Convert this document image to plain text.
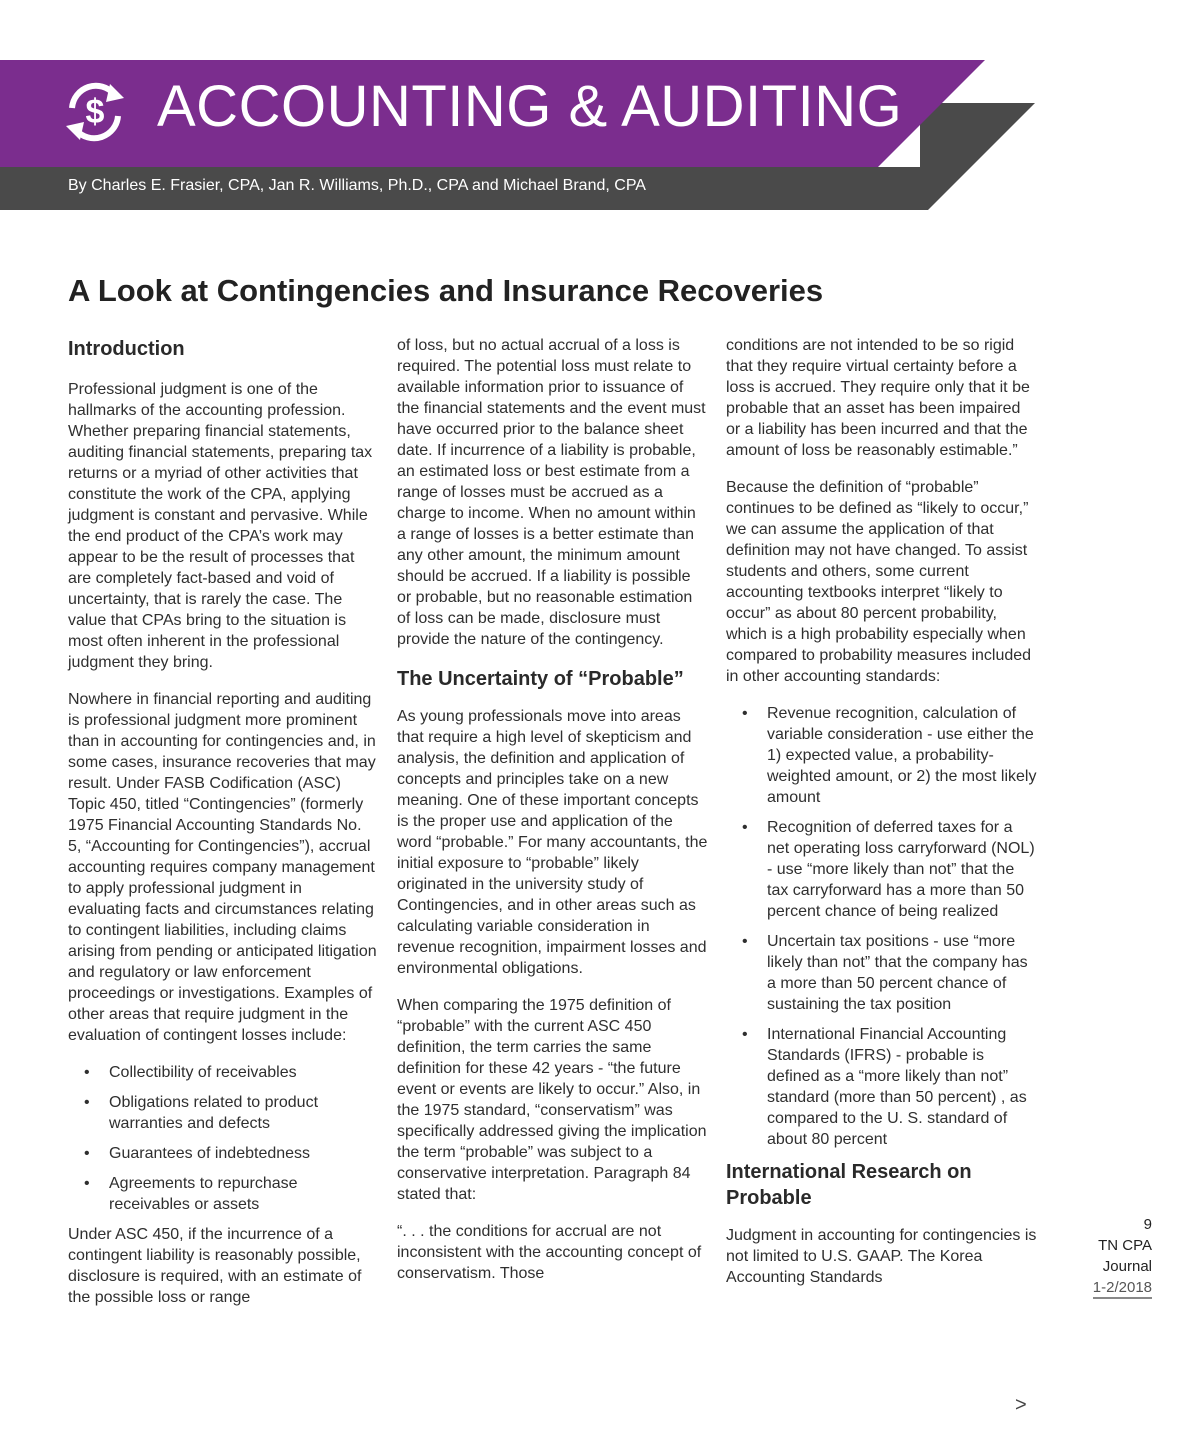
$ ACCOUNTING & AUDITING
By Charles E. Frasier, CPA, Jan R. Williams, Ph.D., CPA and Michael Brand, CPA
A Look at Contingencies and Insurance Recoveries
Introduction

Professional judgment is one of the hallmarks of the accounting profession. Whether preparing financial statements, auditing financial statements, preparing tax returns or a myriad of other activities that constitute the work of the CPA, applying judgment is constant and pervasive. While the end product of the CPA’s work may appear to be the result of processes that are completely fact-based and void of uncertainty, that is rarely the case. The value that CPAs bring to the situation is most often inherent in the professional judgment they bring.

Nowhere in financial reporting and auditing is professional judgment more prominent than in accounting for contingencies and, in some cases, insurance recoveries that may result. Under FASB Codification (ASC) Topic 450, titled “Contingencies” (formerly 1975 Financial Accounting Standards No. 5, “Accounting for Contingencies”), accrual accounting requires company management to apply professional judgment in evaluating facts and circumstances relating to contingent liabilities, including claims arising from pending or anticipated litigation and regulatory or law enforcement proceedings or investigations. Examples of other areas that require judgment in the evaluation of contingent losses include:

• Collectibility of receivables
• Obligations related to product warranties and defects
• Guarantees of indebtedness
• Agreements to repurchase receivables or assets

Under ASC 450, if the incurrence of a contingent liability is reasonably possible, disclosure is required, with an estimate of the possible loss or range

of loss, but no actual accrual of a loss is required. The potential loss must relate to available information prior to issuance of the financial statements and the event must have occurred prior to the balance sheet date. If incurrence of a liability is probable, an estimated loss or best estimate from a range of losses must be accrued as a charge to income. When no amount within a range of losses is a better estimate than any other amount, the minimum amount should be accrued. If a liability is possible or probable, but no reasonable estimation of loss can be made, disclosure must provide the nature of the contingency.

The Uncertainty of “Probable”

As young professionals move into areas that require a high level of skepticism and analysis, the definition and application of concepts and principles take on a new meaning. One of these important concepts is the proper use and application of the word “probable.” For many accountants, the initial exposure to “probable” likely originated in the university study of Contingencies, and in other areas such as calculating variable consideration in revenue recognition, impairment losses and environmental obligations.

When comparing the 1975 definition of “probable” with the current ASC 450 definition, the term carries the same definition for these 42 years - “the future event or events are likely to occur.” Also, in the 1975 standard, “conservatism” was specifically addressed giving the implication the term “probable” was subject to a conservative interpretation. Paragraph 84 stated that:

“. . . the conditions for accrual are not inconsistent with the accounting concept of conservatism. Those

conditions are not intended to be so rigid that they require virtual certainty before a loss is accrued. They require only that it be probable that an asset has been impaired or a liability has been incurred and that the amount of loss be reasonably estimable.”

Because the definition of “probable” continues to be defined as “likely to occur,” we can assume the application of that definition may not have changed. To assist students and others, some current accounting textbooks interpret “likely to occur” as about 80 percent probability, which is a high probability especially when compared to probability measures included in other accounting standards:

• Revenue recognition, calculation of variable consideration - use either the 1) expected value, a probability-weighted amount, or 2) the most likely amount
• Recognition of deferred taxes for a net operating loss carryforward (NOL) - use “more likely than not” that the tax carryforward has a more than 50 percent chance of being realized
• Uncertain tax positions - use “more likely than not” that the company has a more than 50 percent chance of sustaining the tax position
• International Financial Accounting Standards (IFRS) - probable is defined as a “more likely than not” standard (more than 50 percent) , as compared to the U. S. standard of about 80 percent
International Research on Probable

Judgment in accounting for contingencies is not limited to U.S. GAAP. The Korea Accounting Standards

9
TN CPA
Journal
1-2/2018
>
